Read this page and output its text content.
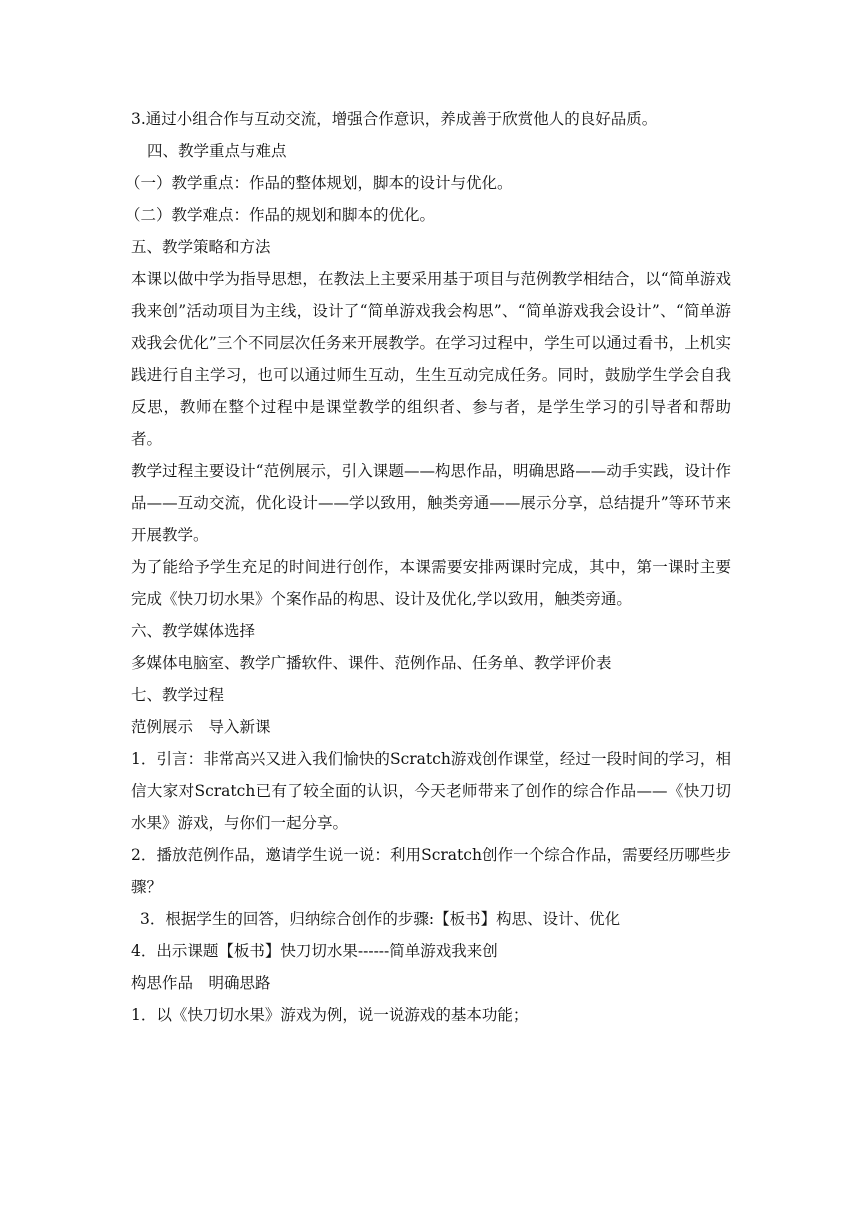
3.通过小组合作与互动交流，增强合作意识，养成善于欣赏他人的良好品质。

四、教学重点与难点

（一）教学重点：作品的整体规划，脚本的设计与优化。

（二）教学难点：作品的规划和脚本的优化。

五、教学策略和方法

本课以做中学为指导思想，在教法上主要采用基于项目与范例教学相结合，以“简单游戏我来创”活动项目为主线，设计了“简单游戏我会构思”、“简单游戏我会设计”、“简单游戏我会优化”三个不同层次任务来开展教学。在学习过程中，学生可以通过看书，上机实践进行自主学习，也可以通过师生互动，生生互动完成任务。同时，鼓励学生学会自我反思，教师在整个过程中是课堂教学的组织者、参与者，是学生学习的引导者和帮助者。

教学过程主要设计“范例展示，引入课题——构思作品，明确思路——动手实践，设计作品——互动交流，优化设计——学以致用，触类旁通——展示分享，总结提升”等环节来开展教学。

为了能给予学生充足的时间进行创作，本课需要安排两课时完成，其中，第一课时主要完成《快刀切水果》个案作品的构思、设计及优化,学以致用，触类旁通。

六、教学媒体选择

多媒体电脑室、教学广播软件、课件、范例作品、任务单、教学评价表

七、教学过程

范例展示　导入新课

1．引言：非常高兴又进入我们愉快的Scratch游戏创作课堂，经过一段时间的学习，相信大家对Scratch已有了较全面的认识，今天老师带来了创作的综合作品——《快刀切水果》游戏，与你们一起分享。

2．播放范例作品，邀请学生说一说：利用Scratch创作一个综合作品，需要经历哪些步骤？

3．根据学生的回答，归纳综合创作的步骤:【板书】构思、设计、优化

4．出示课题【板书】快刀切水果------简单游戏我来创

构思作品　明确思路

1．以《快刀切水果》游戏为例，说一说游戏的基本功能；
